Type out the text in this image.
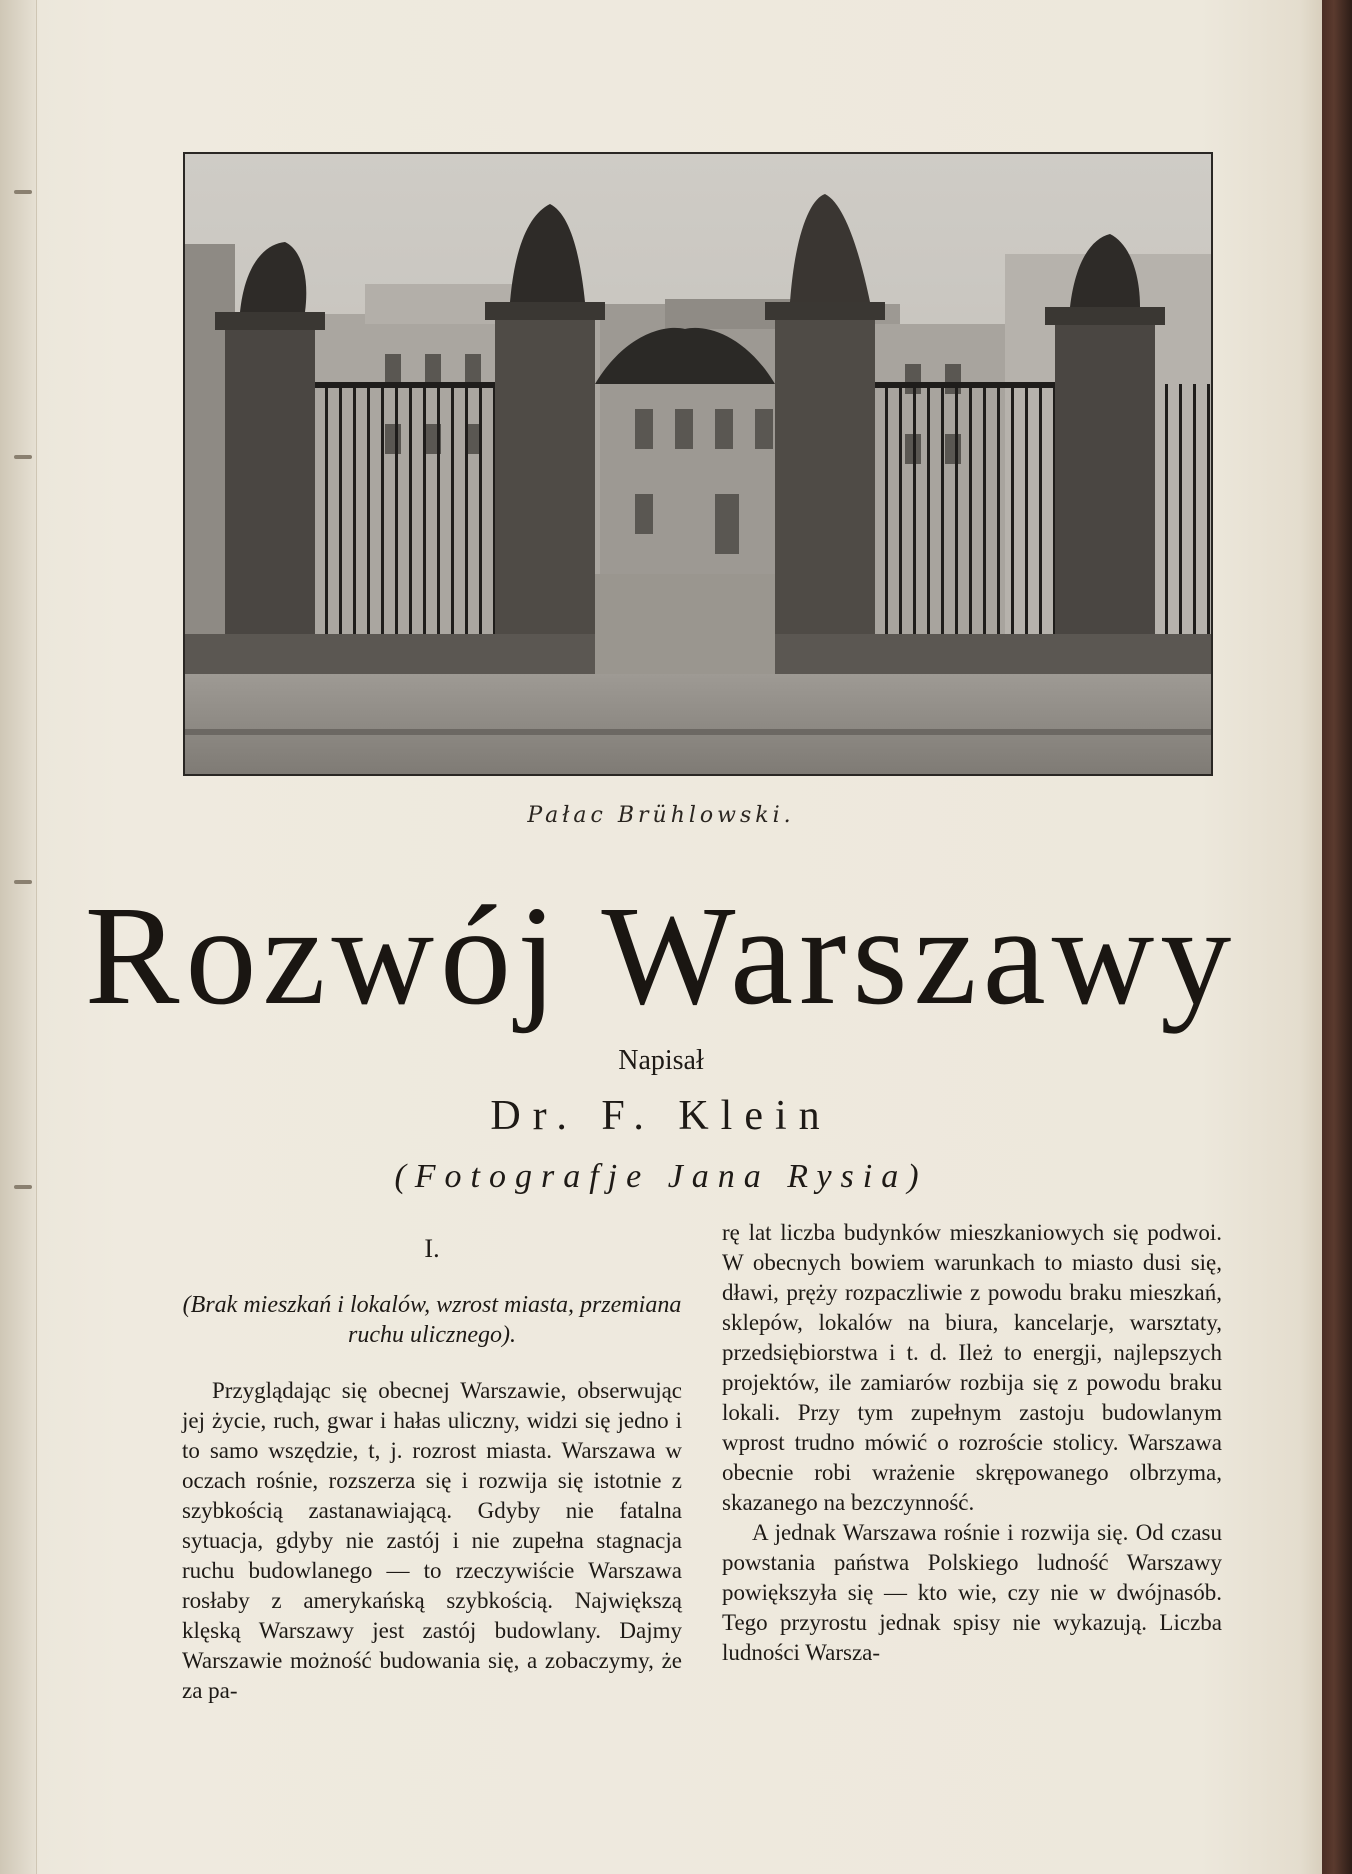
Pałac Brühlowski.
Rozwój Warszawy
Napisał
Dr. F. Klein
(Fotografje Jana Rysia)
I.
(Brak mieszkań i lokalów, wzrost miasta, przemiana ruchu ulicznego).

Przyglądając się obecnej Warszawie, obserwując jej życie, ruch, gwar i hałas uliczny, widzi się jedno i to samo wszędzie, t, j. rozrost miasta. Warszawa w oczach rośnie, rozszerza się i rozwija się istotnie z szybkością zastanawiającą. Gdyby nie fatalna sytuacja, gdyby nie zastój i nie zupełna stagnacja ruchu budowlanego — to rzeczywiście Warszawa rosłaby z amerykańską szybkością. Największą klęską Warszawy jest zastój budowlany. Dajmy Warszawie możność budowania się, a zobaczymy, że za pa-

rę lat liczba budynków mieszkaniowych się podwoi. W obecnych bowiem warunkach to miasto dusi się, dławi, pręży rozpaczliwie z powodu braku mieszkań, sklepów, lokalów na biura, kancelarje, warsztaty, przedsiębiorstwa i t. d. Ileż to energji, najlepszych projektów, ile zamiarów rozbija się z powodu braku lokali. Przy tym zupełnym zastoju budowlanym wprost trudno mówić o rozroście stolicy. Warszawa obecnie robi wrażenie skrępowanego olbrzyma, skazanego na bezczynność.

A jednak Warszawa rośnie i rozwija się. Od czasu powstania państwa Polskiego ludność Warszawy powiększyła się — kto wie, czy nie w dwójnasób. Tego przyrostu jednak spisy nie wykazują. Liczba ludności Warsza-
